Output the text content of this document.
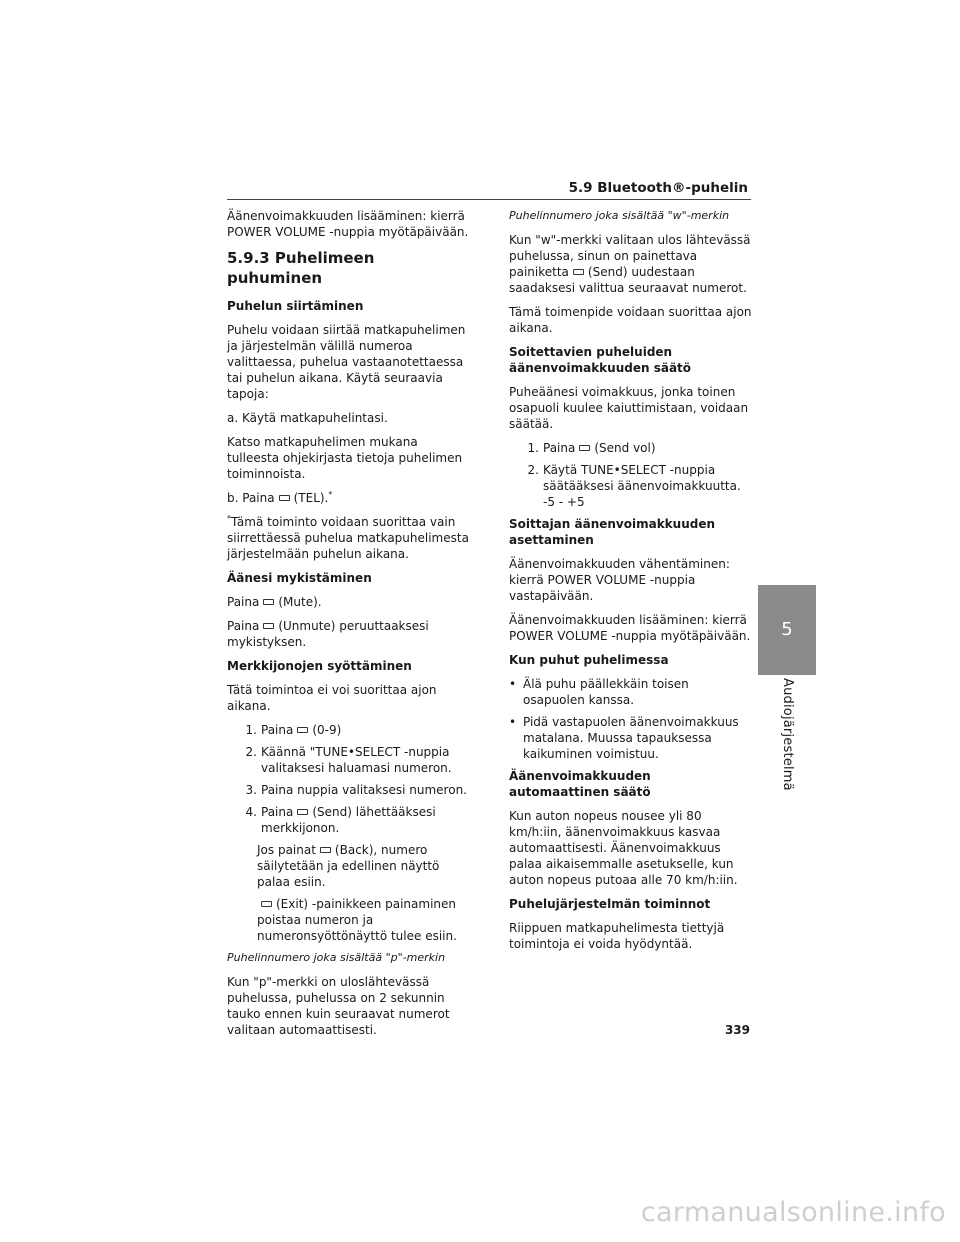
5.9 Bluetooth®-puhelin

Äänenvoimakkuuden lisääminen: kierrä POWER VOLUME -nuppia myötäpäivään.

5.9.3 Puhelimeen puhuminen
Puhelun siirtäminen

Puhelu voidaan siirtää matkapuhelimen ja järjestelmän välillä numeroa valittaessa, puhelua vastaanotettaessa tai puhelun aikana. Käytä seuraavia tapoja:

a. Käytä matkapuhelintasi.

Katso matkapuhelimen mukana tulleesta ohjekirjasta tietoja puhelimen toiminnoista.

b. Paina (TEL).*

*Tämä toiminto voidaan suorittaa vain siirrettäessä puhelua matkapuhelimesta järjestelmään puhelun aikana.

Äänesi mykistäminen

Paina (Mute).

Paina (Unmute) peruuttaaksesi mykistyksen.

Merkkijonojen syöttäminen

Tätä toimintoa ei voi suorittaa ajon aikana.

1. Paina (0-9)
2. Käännä "TUNE•SELECT -nuppia valitaksesi haluamasi numeron.
3. Paina nuppia valitaksesi numeron.
4. Paina (Send) lähettääksesi merkkijonon.

Jos painat (Back), numero säilytetään ja edellinen näyttö palaa esiin.

(Exit) -painikkeen painaminen poistaa numeron ja numeronsyöttönäyttö tulee esiin.

Puhelinnumero joka sisältää "p"-merkin

Kun "p"-merkki on uloslähtevässä puhelussa, puhelussa on 2 sekunnin tauko ennen kuin seuraavat numerot valitaan automaattisesti.

Puhelinnumero joka sisältää "w"-merkin

Kun "w"-merkki valitaan ulos lähtevässä puhelussa, sinun on painettava painiketta (Send) uudestaan saadaksesi valittua seuraavat numerot.

Tämä toimenpide voidaan suorittaa ajon aikana.

Soitettavien puheluiden äänenvoimakkuuden säätö

Puheäänesi voimakkuus, jonka toinen osapuoli kuulee kaiuttimistaan, voidaan säätää.

1. Paina (Send vol)
2. Käytä TUNE•SELECT -nuppia säätääksesi äänenvoimakkuutta.
-5 - +5
Soittajan äänenvoimakkuuden asettaminen

Äänenvoimakkuuden vähentäminen: kierrä POWER VOLUME -nuppia vastapäivään.

Äänenvoimakkuuden lisääminen: kierrä POWER VOLUME -nuppia myötäpäivään.

Kun puhut puhelimessa
• Älä puhu päällekkäin toisen osapuolen kanssa.
• Pidä vastapuolen äänenvoimakkuus matalana. Muussa tapauksessa kaikuminen voimistuu.
Äänenvoimakkuuden automaattinen säätö

Kun auton nopeus nousee yli 80 km/h:iin, äänenvoimakkuus kasvaa automaattisesti. Äänenvoimakkuus palaa aikaisemmalle asetukselle, kun auton nopeus putoaa alle 70 km/h:iin.

Puhelujärjestelmän toiminnot

Riippuen matkapuhelimesta tiettyjä toimintoja ei voida hyödyntää.

339
5
Audiojärjestelmä
carmanualsonline.info
